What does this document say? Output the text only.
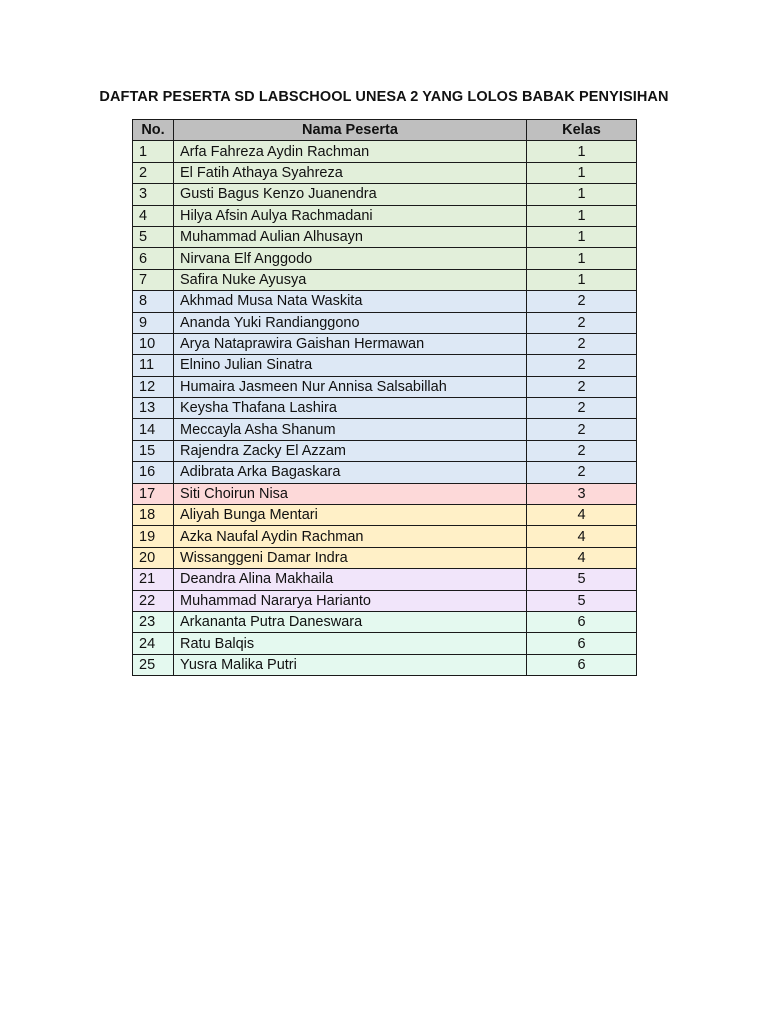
DAFTAR PESERTA SD LABSCHOOL UNESA 2 YANG LOLOS BABAK PENYISIHAN
No.	Nama Peserta	Kelas
1	Arfa Fahreza Aydin Rachman	1
2	El Fatih Athaya Syahreza	1
3	Gusti Bagus Kenzo Juanendra	1
4	Hilya Afsin Aulya Rachmadani	1
5	Muhammad Aulian Alhusayn	1
6	Nirvana Elf Anggodo	1
7	Safira Nuke Ayusya	1
8	Akhmad Musa Nata Waskita	2
9	Ananda Yuki Randianggono	2
10	Arya Nataprawira Gaishan Hermawan	2
11	Elnino Julian Sinatra	2
12	Humaira Jasmeen Nur Annisa Salsabillah	2
13	Keysha Thafana Lashira	2
14	Meccayla Asha Shanum	2
15	Rajendra Zacky El Azzam	2
16	Adibrata Arka Bagaskara	2
17	Siti Choirun Nisa	3
18	Aliyah Bunga Mentari	4
19	Azka Naufal Aydin Rachman	4
20	Wissanggeni Damar Indra	4
21	Deandra Alina Makhaila	5
22	Muhammad Nararya Harianto	5
23	Arkananta Putra Daneswara	6
24	Ratu Balqis	6
25	Yusra Malika Putri	6
